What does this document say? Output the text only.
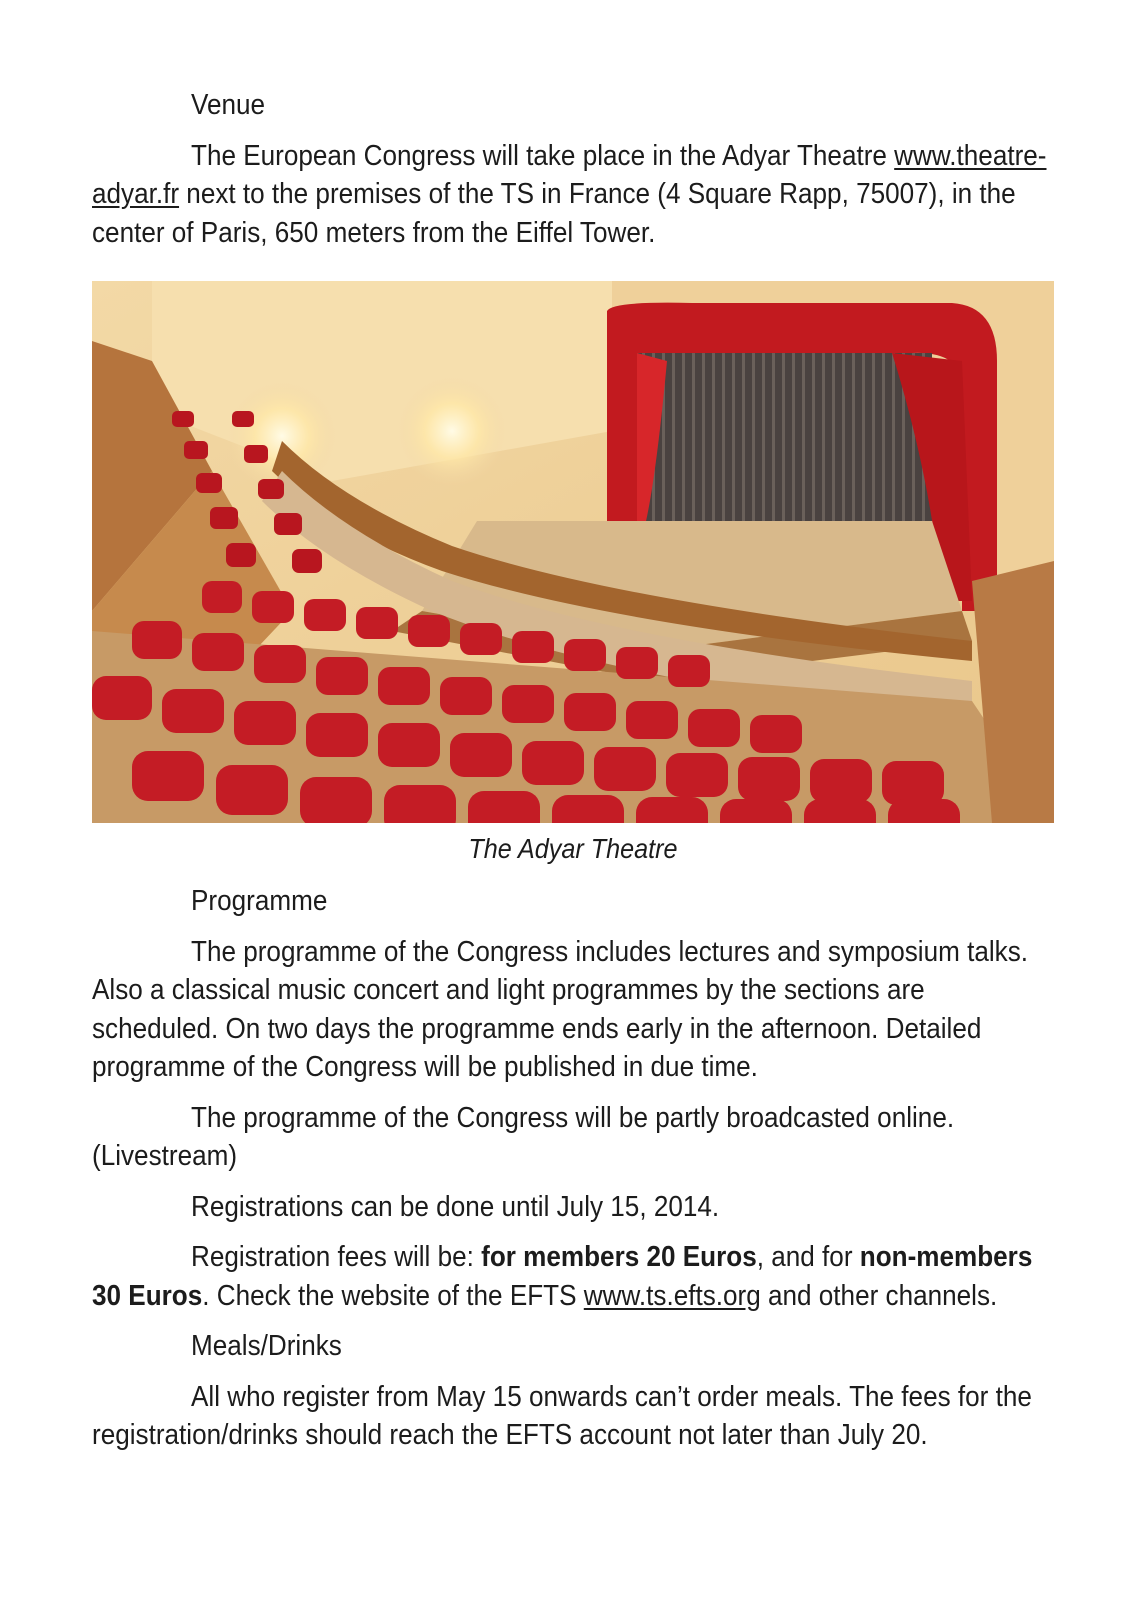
Venue

The European Congress will take place in the Adyar Theatre www.theatre-adyar.fr next to the premises of the TS in France (4 Square Rapp, 75007), in the center of Paris, 650 meters from the Eiffel Tower.

The Adyar Theatre

Programme

The programme of the Congress includes lectures and symposium talks. Also a classical music concert and light programmes by the sections are scheduled. On two days the programme ends early in the afternoon. Detailed programme of the Congress will be published in due time.

The programme of the Congress will be partly broadcasted online. (Livestream)

Registrations can be done until July 15, 2014.

Registration fees will be: for members 20 Euros, and for non-members 30 Euros. Check the website of the EFTS www.ts.efts.org and other channels.

Meals/Drinks

All who register from May 15 onwards can’t order meals. The fees for the registration/drinks should reach the EFTS account not later than July 20.
